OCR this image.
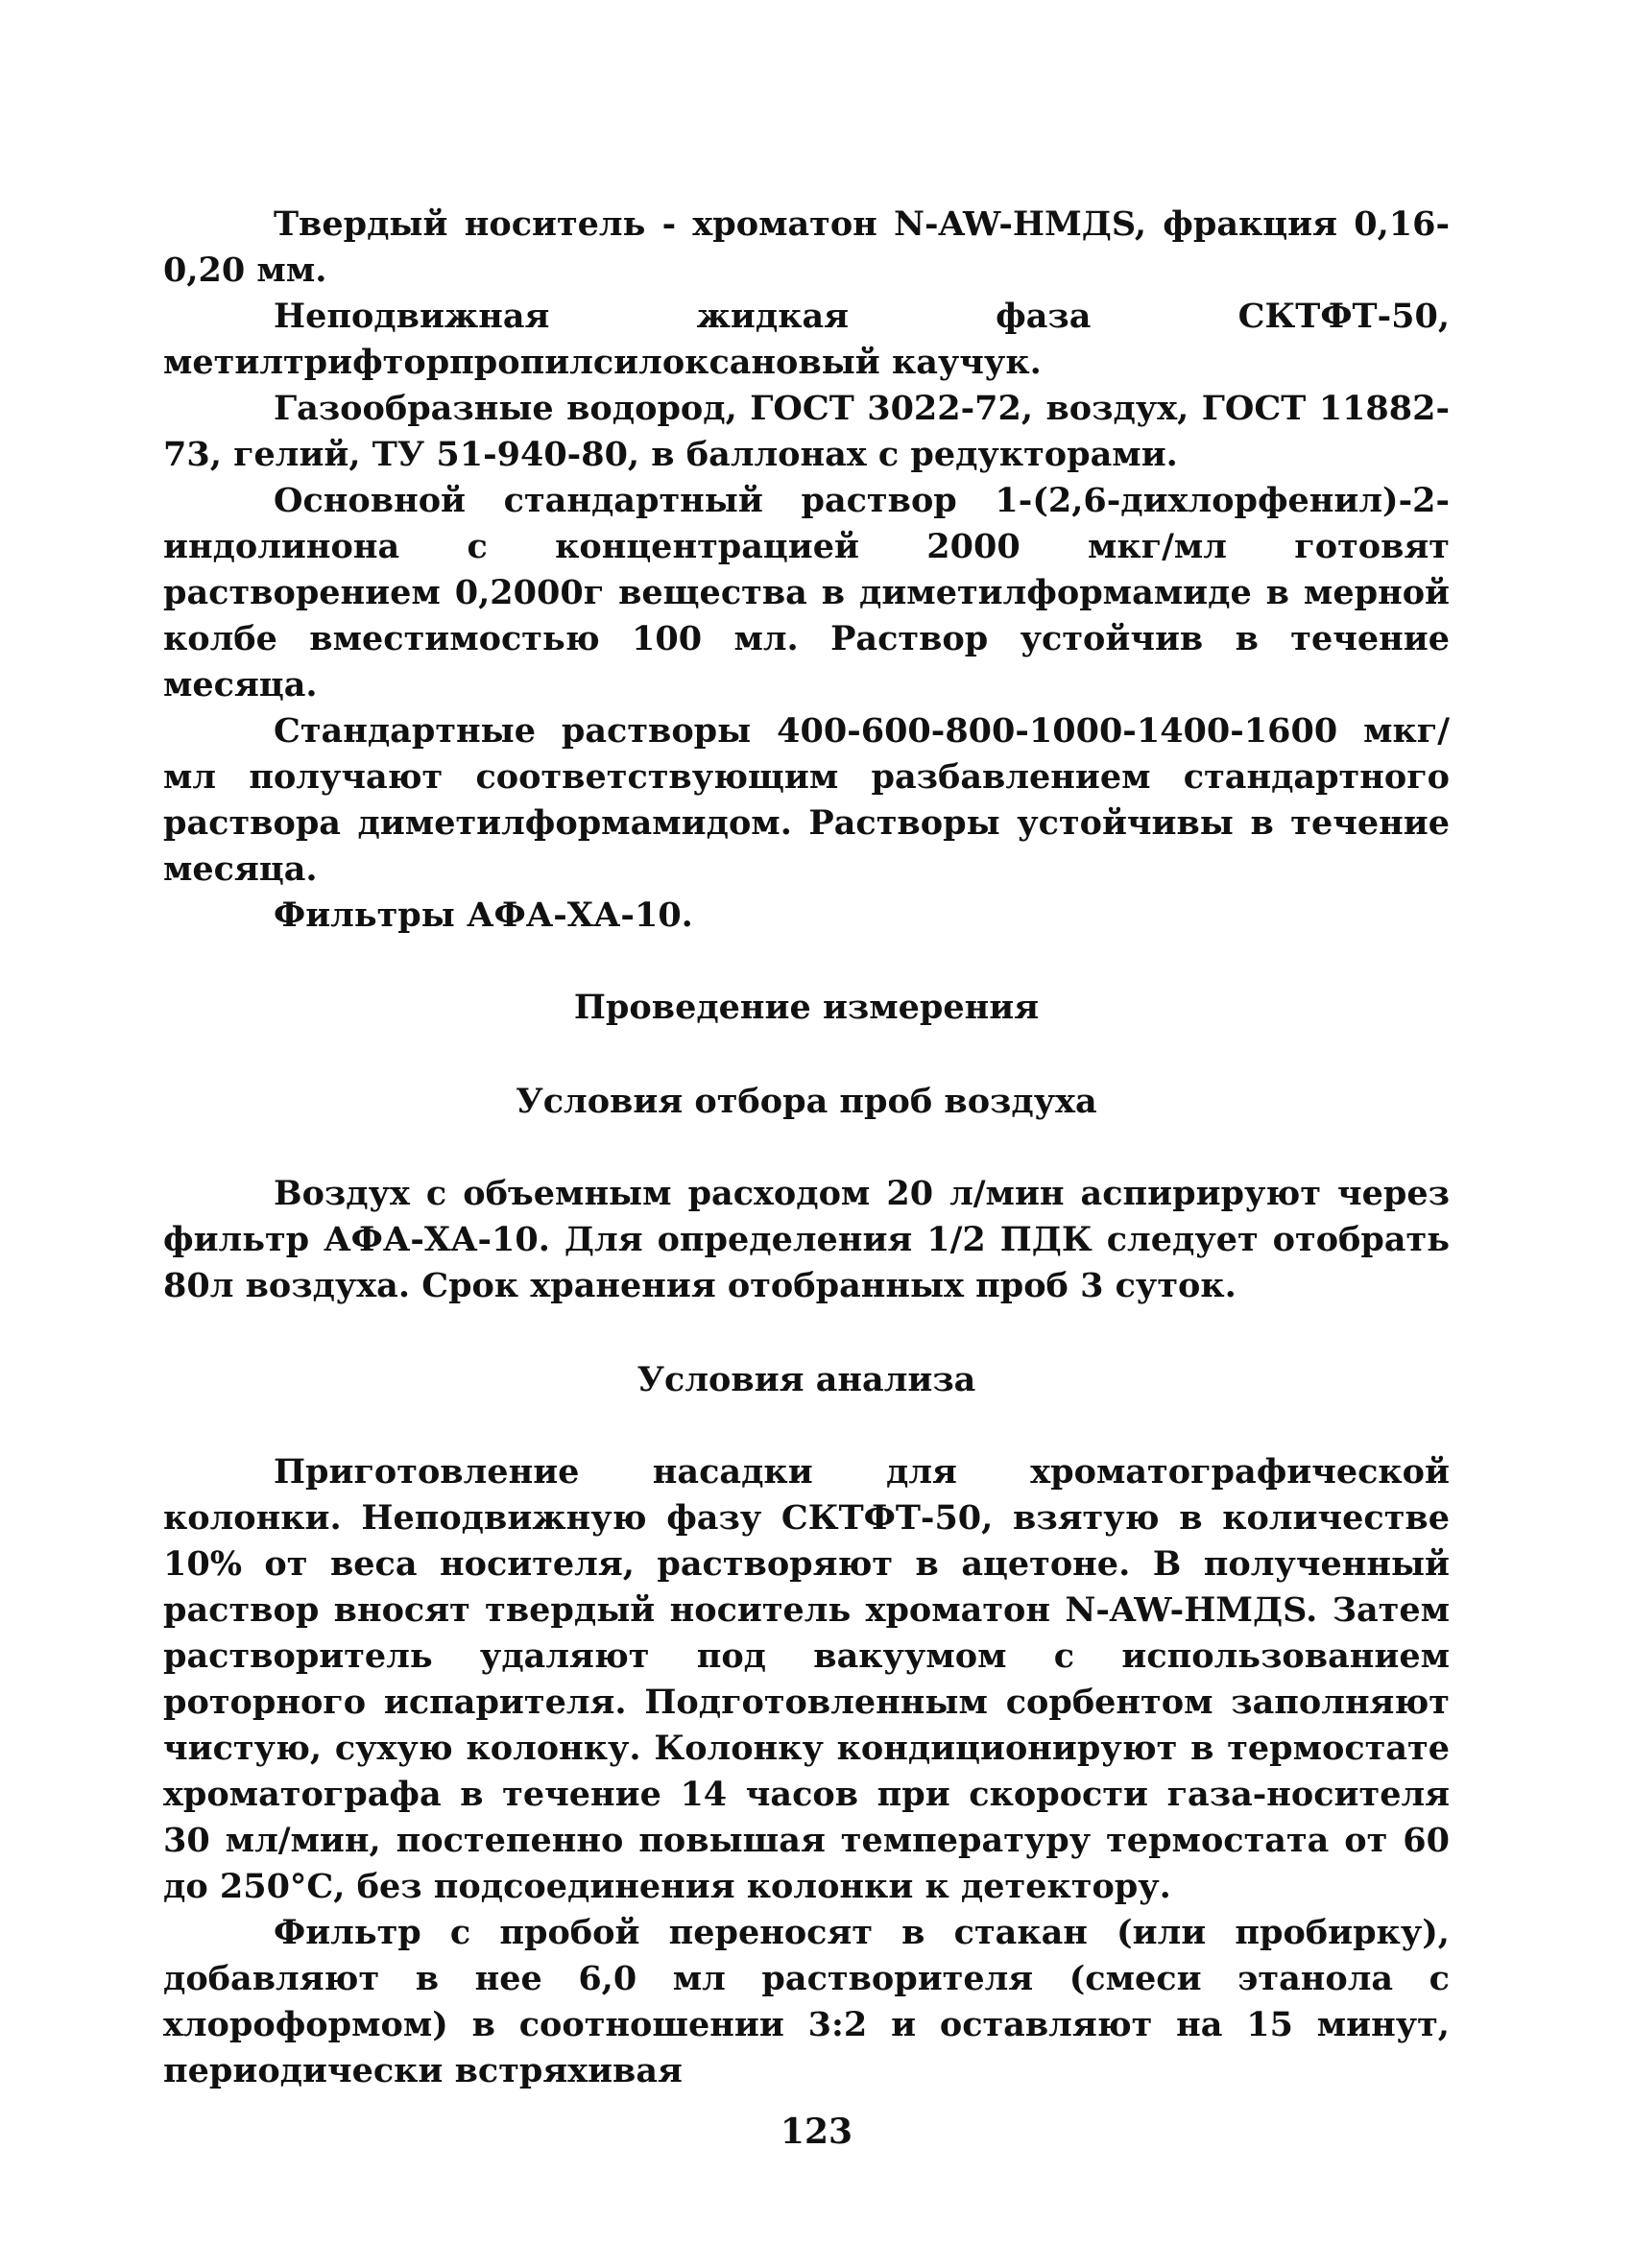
Твердый носитель - хроматон N-AW-HMДS, фракция 0,16-0,20 мм.

Неподвижная жидкая фаза СКТФТ-50, метилтрифторпропилсилоксановый каучук.

Газообразные водород, ГОСТ 3022-72, воздух, ГОСТ 11882-73, гелий, ТУ 51-940-80, в баллонах с редукторами.

Основной стандартный раствор 1-(2,6-дихлорфенил)-2-индолинона с концентрацией 2000 мкг/мл готовят растворением 0,2000г вещества в диметилформамиде в мерной колбе вместимостью 100 мл. Раствор устойчив в течение месяца.

Стандартные растворы 400-600-800-1000-1400-1600 мкг/мл получают соответствующим разбавлением стандартного раствора диметилформамидом. Растворы устойчивы в течение месяца.

Фильтры АФА-ХА-10.

Проведение измерения
Условия отбора проб воздуха

Воздух с объемным расходом 20 л/мин аспирируют через фильтр АФА-ХА-10. Для определения 1/2 ПДК следует отобрать 80л воздуха. Срок хранения отобранных проб 3 суток.

Условия анализа

Приготовление насадки для хроматографической колонки. Неподвижную фазу СКТФТ-50, взятую в количестве 10% от веса носителя, растворяют в ацетоне. В полученный раствор вносят твердый носитель хроматон N-AW-HMДS. Затем растворитель удаляют под вакуумом с использованием роторного испарителя. Подготовленным сорбентом заполняют чистую, сухую колонку. Колонку кондиционируют в термостате хроматографа в течение 14 часов при скорости газа-носителя 30 мл/мин, постепенно повышая температуру термостата от 60 до 250°С, без подсоединения колонки к детектору.

Фильтр с пробой переносят в стакан (или пробирку), добавляют в нее 6,0 мл растворителя (смеси этанола с хлороформом) в соотношении 3:2 и оставляют на 15 минут, периодически встряхивая

123
